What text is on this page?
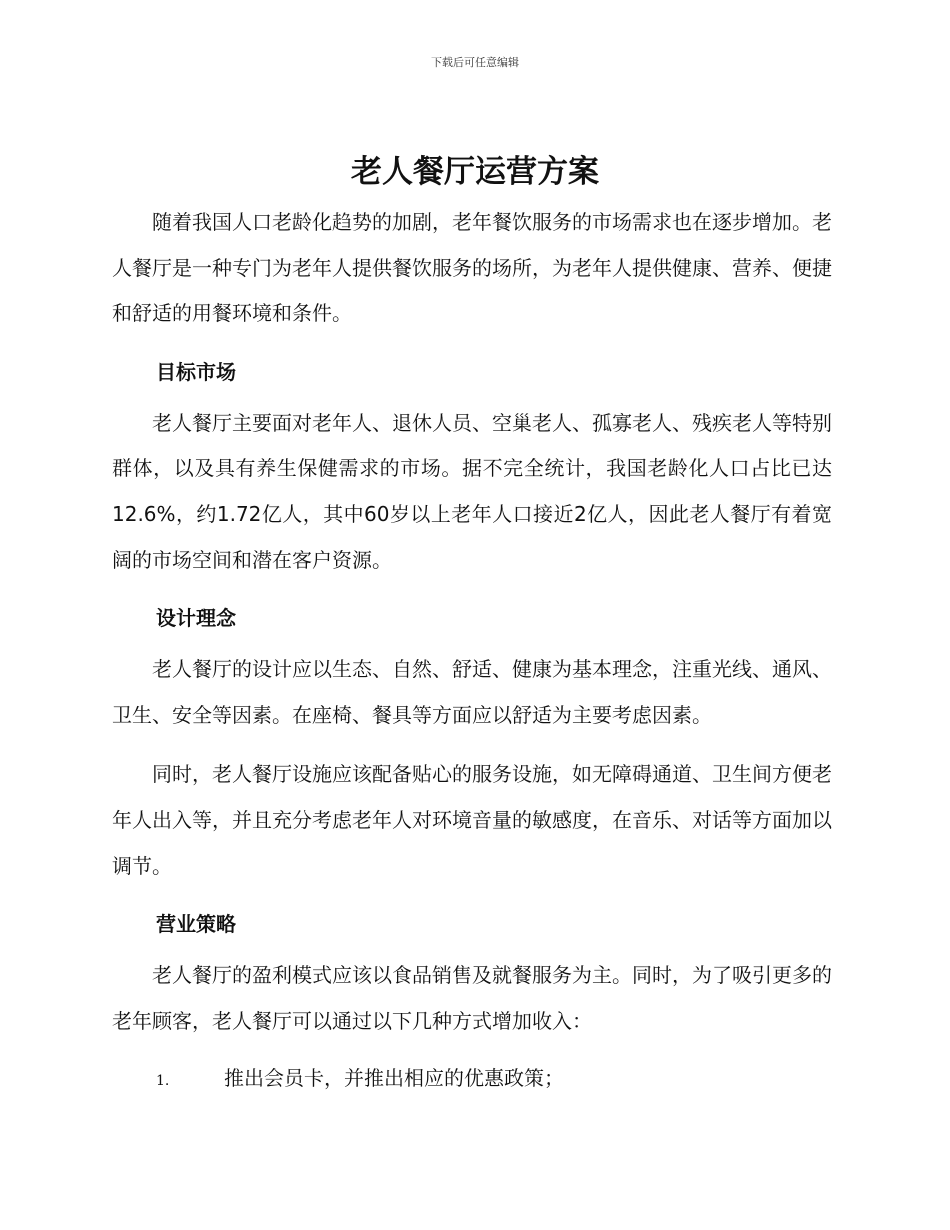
下载后可任意编辑
老人餐厅运营方案

随着我国人口老龄化趋势的加剧，老年餐饮服务的市场需求也在逐步增加。老人餐厅是一种专门为老年人提供餐饮服务的场所，为老年人提供健康、营养、便捷和舒适的用餐环境和条件。

目标市场

老人餐厅主要面对老年人、退休人员、空巢老人、孤寡老人、残疾老人等特别群体，以及具有养生保健需求的市场。据不完全统计，我国老龄化人口占比已达12.6%，约1.72亿人，其中60岁以上老年人口接近2亿人，因此老人餐厅有着宽阔的市场空间和潜在客户资源。

设计理念

老人餐厅的设计应以生态、自然、舒适、健康为基本理念，注重光线、通风、卫生、安全等因素。在座椅、餐具等方面应以舒适为主要考虑因素。

同时，老人餐厅设施应该配备贴心的服务设施，如无障碍通道、卫生间方便老年人出入等，并且充分考虑老年人对环境音量的敏感度，在音乐、对话等方面加以调节。

营业策略

老人餐厅的盈利模式应该以食品销售及就餐服务为主。同时，为了吸引更多的老年顾客，老人餐厅可以通过以下几种方式增加收入：

1.	推出会员卡，并推出相应的优惠政策；
